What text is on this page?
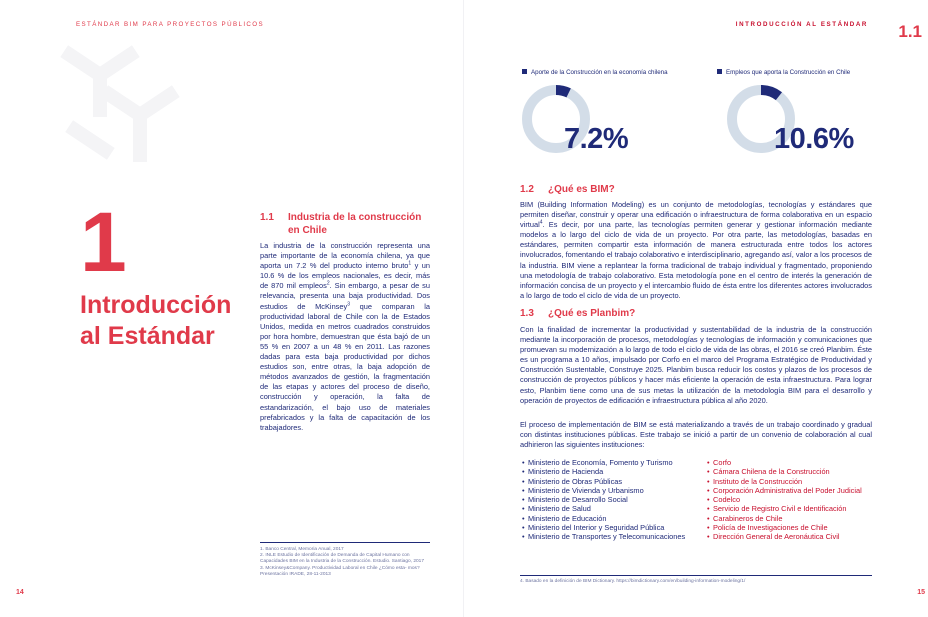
ESTÁNDAR BIM PARA PROYECTOS PÚBLICOS
1
Introducción
al Estándar
1.1 Industria de la construcción
en Chile

La industria de la construcción representa una parte importante de la economía chilena, ya que aporta un 7.2 % del producto interno bruto$^1$ y un 10.6 % de los empleos nacionales, es decir, más de 870 mil empleos$^2$. Sin embargo, a pesar de su relevancia, presenta una baja productividad. Dos estudios de McKinsey$^3$ que comparan la productividad laboral de Chile con la de Estados Unidos, medida en metros cuadrados construidos por hora hombre, demuestran que ésta bajó de un 55 % en 2007 a un 48 % en 2011. Las razones dadas para esta baja productividad por dichos estudios son, entre otras, la baja adopción de métodos avanzados de gestión, la fragmentación de las etapas y actores del proceso de diseño, construcción y operación, la falta de estandarización, el bajo uso de materiales prefabricados y la falta de capacitación de los trabajadores.

1. Banco Central, Memoria Anual, 2017
2. INLE Estudio de Identificación de Demanda de Capital Humano con Capacidades BIM en la Industria de la Construcción. Estudio. Santiago, 2017
3. McKinsey&Company. Productividad Laboral en Chile ¿Cómo esta- mos? Presentación IRADE, 28-11-2013
14
INTRODUCCIÓN AL ESTÁNDAR 1.1
Aporte de la Construcción en la economía chilena
7.2%
Empleos que aporta la Construcción en Chile
10.6%
1.2 ¿Qué es BIM?

BIM (Building Information Modeling) es un conjunto de metodologías, tecnologías y estándares que permiten diseñar, construir y operar una edificación o infraestructura de forma colaborativa en un espacio virtual$^4$. Es decir, por una parte, las tecnologías permiten generar y gestionar información mediante modelos a lo largo del ciclo de vida de un proyecto. Por otra parte, las metodologías, basadas en estándares, permiten compartir esta información de manera estructurada entre todos los actores involucrados, fomentando el trabajo colaborativo e interdisciplinario, agregando así, valor a los procesos de la industria. BIM viene a replantear la forma tradicional de trabajo individual y fragmentado, proponiendo una metodología de trabajo colaborativo. Esta metodología pone en el centro de interés la generación de información concisa de un proyecto y el intercambio fluido de ésta entre los diferentes actores involucrados a lo largo de todo el ciclo de vida de un proyecto.

1.3 ¿Qué es Planbim?

Con la finalidad de incrementar la productividad y sustentabilidad de la industria de la construcción mediante la incorporación de procesos, metodologías y tecnologías de información y comunicaciones que promuevan su modernización a lo largo de todo el ciclo de vida de las obras, el 2016 se creó Planbim. Éste es un programa a 10 años, impulsado por Corfo en el marco del Programa Estratégico de Productividad y Construcción Sustentable, Construye 2025. Planbim busca reducir los costos y plazos de los procesos de construcción de proyectos públicos y hacer más eficiente la operación de esta infraestructura. Para lograr esto, Planbim tiene como una de sus metas la utilización de la metodología BIM para el desarrollo y operación de proyectos de edificación e infraestructura pública al año 2020.

El proceso de implementación de BIM se está materializando a través de un trabajo coordinado y gradual con distintas instituciones públicas. Este trabajo se inició a partir de un convenio de colaboración al cual adhirieron las siguientes instituciones:

• Ministerio de Economía, Fomento y Turismo
• Ministerio de Hacienda
• Ministerio de Obras Públicas
• Ministerio de Vivienda y Urbanismo
• Ministerio de Desarrollo Social
• Ministerio de Salud
• Ministerio de Educación
• Ministerio del Interior y Seguridad Pública
• Ministerio de Transportes y Telecomunicaciones
• Corfo
• Cámara Chilena de la Construcción
• Instituto de la Construcción
• Corporación Administrativa del Poder Judicial
• Codelco
• Servicio de Registro Civil e Identificación
• Carabineros de Chile
• Policía de Investigaciones de Chile
• Dirección General de Aeronáutica Civil
4. Basado en la definición de BIM Dictionary. https://bimdictionary.com/en/building-information-modeling/1/
15
